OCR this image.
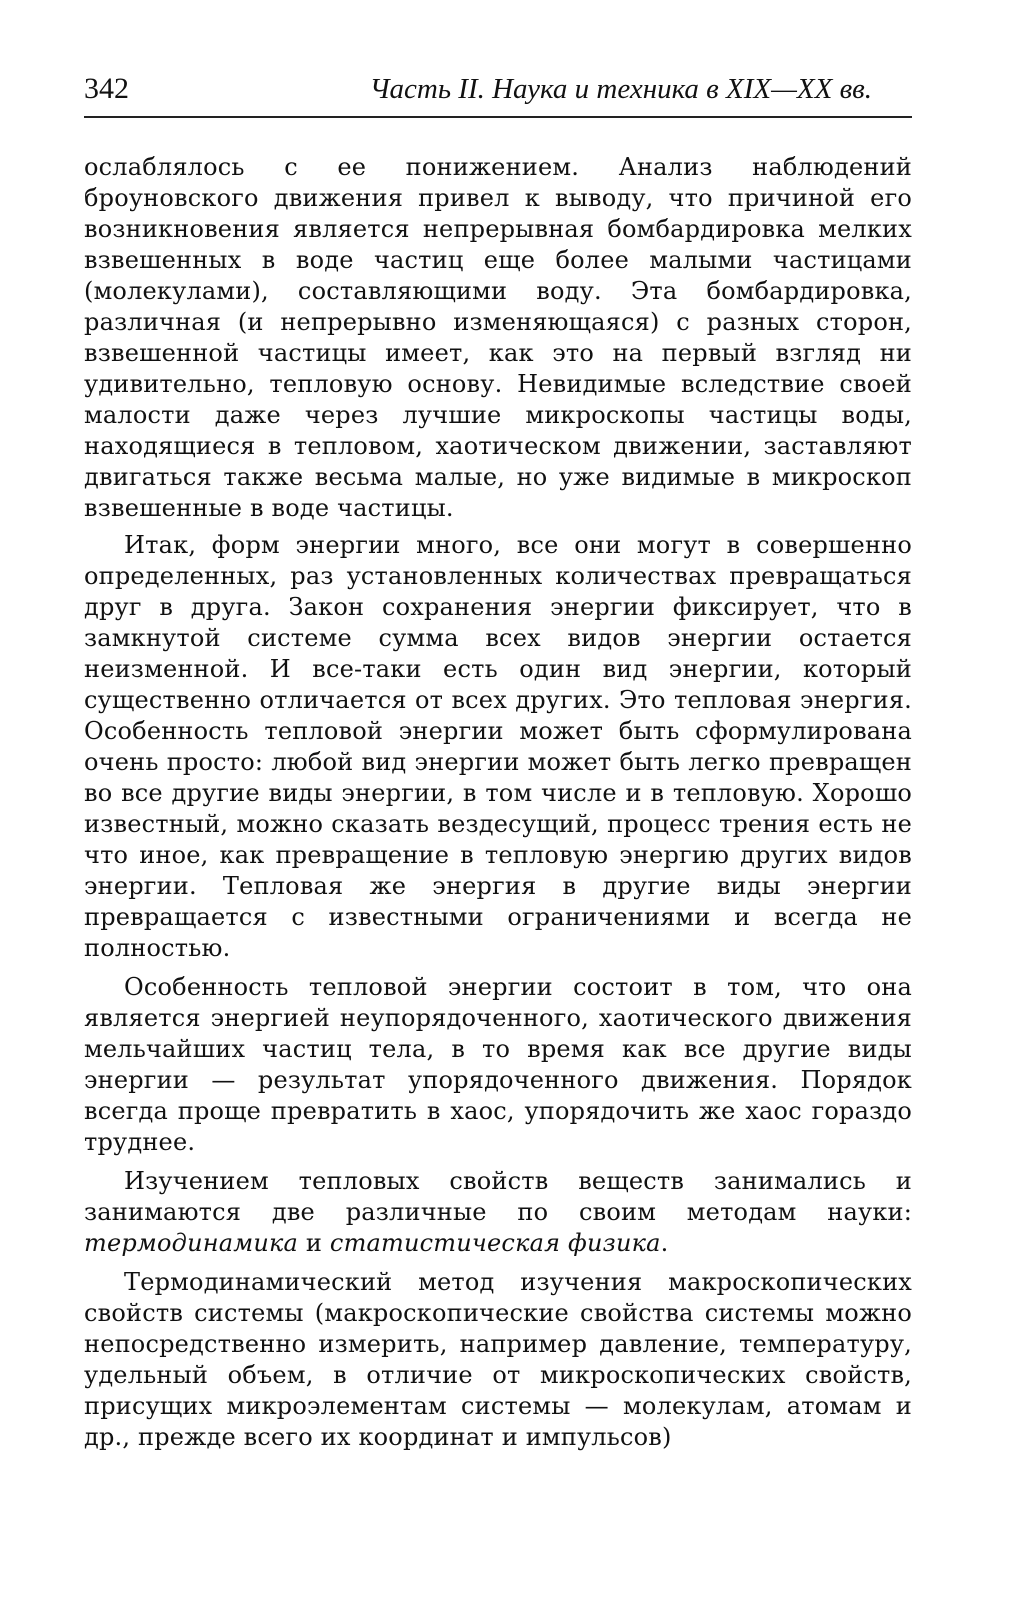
342	Часть II. Наука и техника в XIX—XX вв.

ослаблялось с ее понижением. Анализ наблюдений броуновского движения привел к выводу, что причиной его возникновения является непрерывная бомбардировка мелких взвешенных в воде частиц еще более малыми частицами (молекулами), составляющими воду. Эта бомбардировка, различная (и непрерывно изменяющаяся) с разных сторон, взвешенной частицы имеет, как это на первый взгляд ни удивительно, тепловую основу. Невидимые вследствие своей малости даже через лучшие микроскопы частицы воды, находящиеся в тепловом, хаотическом движении, заставляют двигаться также весьма малые, но уже видимые в микроскоп взвешенные в воде частицы.

Итак, форм энергии много, все они могут в совершенно определенных, раз установленных количествах превращаться друг в друга. Закон сохранения энергии фиксирует, что в замкнутой системе сумма всех видов энергии остается неизменной. И все-таки есть один вид энергии, который существенно отличается от всех других. Это тепловая энергия. Особенность тепловой энергии может быть сформулирована очень просто: любой вид энергии может быть легко превращен во все другие виды энергии, в том числе и в тепловую. Хорошо известный, можно сказать вездесущий, процесс трения есть не что иное, как превращение в тепловую энергию других видов энергии. Тепловая же энергия в другие виды энергии превращается с известными ограничениями и всегда не полностью.

Особенность тепловой энергии состоит в том, что она является энергией неупорядоченного, хаотического движения мельчайших частиц тела, в то время как все другие виды энергии — результат упорядоченного движения. Порядок всегда проще превратить в хаос, упорядочить же хаос гораздо труднее.

Изучением тепловых свойств веществ занимались и занимаются две различные по своим методам науки: термодинамика и статистическая физика.

Термодинамический метод изучения макроскопических свойств системы (макроскопические свойства системы можно непосредственно измерить, например давление, температуру, удельный объем, в отличие от микроскопических свойств, присущих микроэлементам системы — молекулам, атомам и др., прежде всего их координат и импульсов)
